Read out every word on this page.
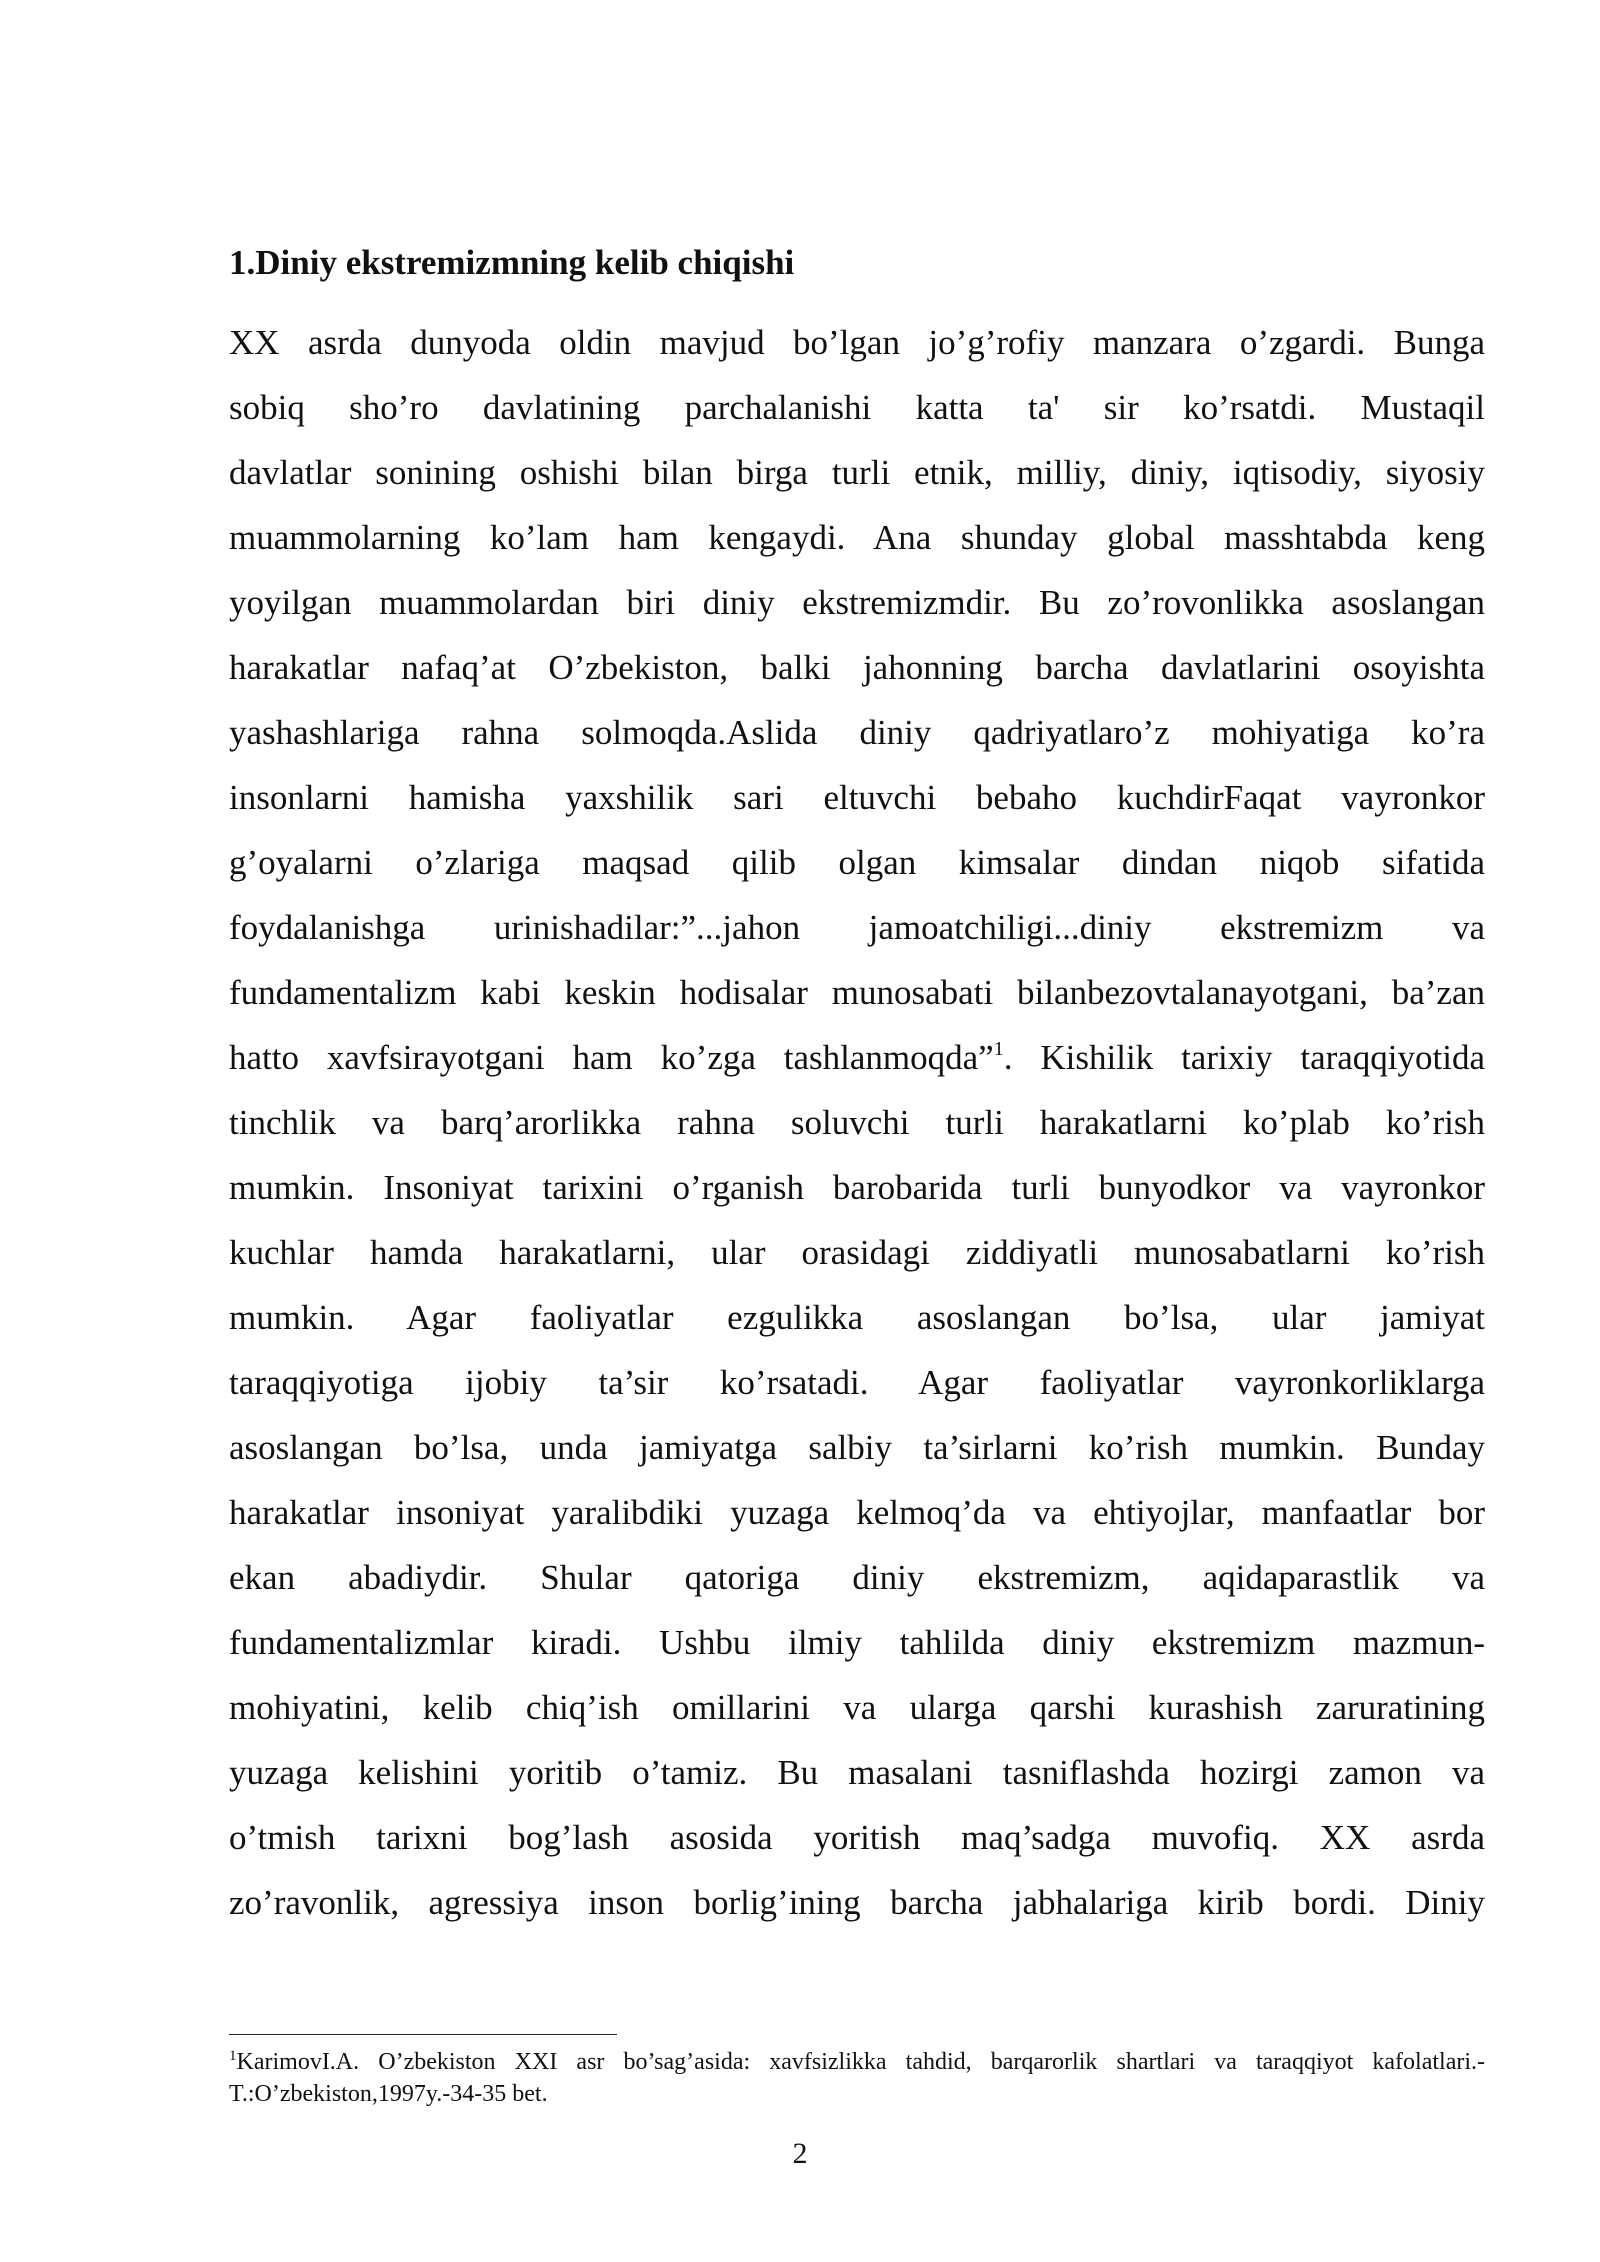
1.Diniy ekstremizmning kelib chiqishi
XX asrda dunyoda oldin mavjud bo’lgan jo’g’rofiy manzara o’zgardi. Bunga
sobiq sho’ro davlatining parchalanishi katta ta' sir ko’rsatdi. Mustaqil
davlatlar sonining oshishi bilan birga turli etnik, milliy, diniy, iqtisodiy, siyosiy
muammolarning ko’lam ham kengaydi. Ana shunday global masshtabda keng
yoyilgan muammolardan biri diniy ekstremizmdir. Bu zo’rovonlikka asoslangan
harakatlar nafaq’at O’zbekiston, balki jahonning barcha davlatlarini osoyishta
yashashlariga rahna solmoqda.Aslida diniy qadriyatlaro’z mohiyatiga ko’ra
insonlarni hamisha yaxshilik sari eltuvchi bebaho kuchdirFaqat vayronkor
g’oyalarni o’zlariga maqsad qilib olgan kimsalar dindan niqob sifatida
foydalanishga urinishadilar:”...jahon jamoatchiligi...diniy ekstremizm va
fundamentalizm kabi keskin hodisalar munosabati bilanbezovtalanayotgani, ba’zan
hatto xavfsirayotgani ham ko’zga tashlanmoqda”$^1$. Kishilik tarixiy taraqqiyotida
tinchlik va barq’arorlikka rahna soluvchi turli harakatlarni ko’plab ko’rish
mumkin. Insoniyat tarixini o’rganish barobarida turli bunyodkor va vayronkor
kuchlar hamda harakatlarni, ular orasidagi ziddiyatli munosabatlarni ko’rish
mumkin. Agar faoliyatlar ezgulikka asoslangan bo’lsa, ular jamiyat
taraqqiyotiga ijobiy ta’sir ko’rsatadi. Agar faoliyatlar vayronkorliklarga
asoslangan bo’lsa, unda jamiyatga salbiy ta’sirlarni ko’rish mumkin. Bunday
harakatlar insoniyat yaralibdiki yuzaga kelmoq’da va ehtiyojlar, manfaatlar bor
ekan abadiydir. Shular qatoriga diniy ekstremizm, aqidaparastlik va
fundamentalizmlar kiradi. Ushbu ilmiy tahlilda diniy ekstremizm mazmun-
mohiyatini, kelib chiq’ish omillarini va ularga qarshi kurashish zaruratining
yuzaga kelishini yoritib o’tamiz. Bu masalani tasniflashda hozirgi zamon va
o’tmish tarixni bog’lash asosida yoritish maq’sadga muvofiq. XX asrda
zo’ravonlik, agressiya inson borlig’ining barcha jabhalariga kirib bordi. Diniy
$^1$KarimovI.A. O’zbekiston XXI asr bo’sag’asida: xavfsizlikka tahdid, barqarorlik shartlari va taraqqiyot kafolatlari.-
T.:O’zbekiston,1997y.-34-35 bet.
2
